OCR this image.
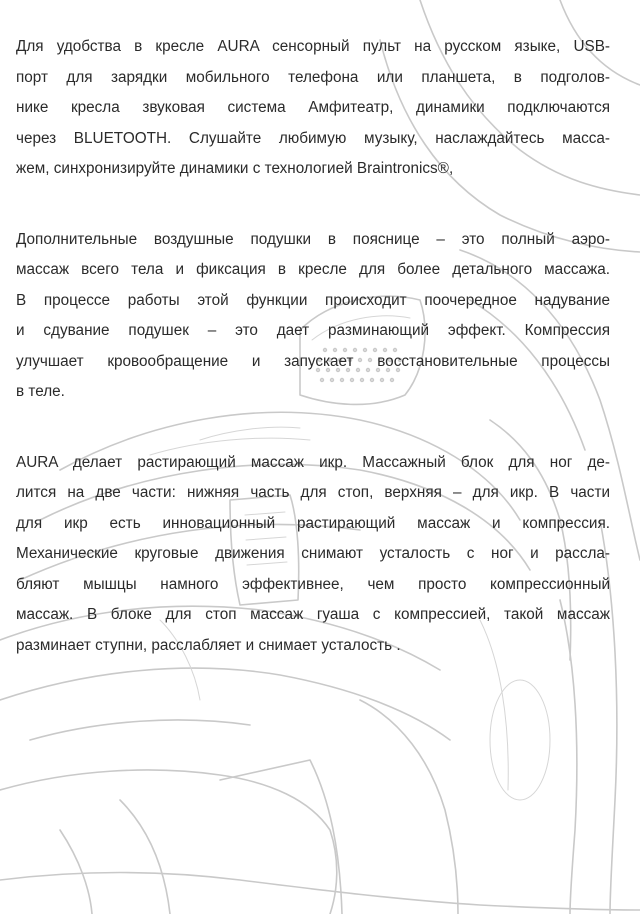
Для удобства в кресле AURA сенсорный пульт на русском языке, USB-
порт для зарядки мобильного телефона или планшета, в подголов-
нике кресла звуковая система Амфитеатр, динамики подключаются
через BLUETOOTH. Слушайте любимую музыку, наслаждайтесь масса-
жем, синхронизируйте динамики с технологией Braintronics®,
Дополнительные воздушные подушки в пояснице – это полный аэро-
массаж всего тела и фиксация в кресле для более детального массажа.
В процессе работы этой функции происходит поочередное надувание
и сдувание подушек – это дает разминающий эффект. Компрессия
улучшает кровообращение и запускает восстановительные процессы
в теле.
AURA делает растирающий массаж икр. Массажный блок для ног де-
лится на две части: нижняя часть для стоп, верхняя – для икр. В части
для икр есть инновационный растирающий массаж и компрессия.
Механические круговые движения снимают усталость с ног и рассла-
бляют мышцы намного эффективнее, чем просто компрессионный
массаж. В блоке для стоп массаж гуаша с компрессией, такой массаж
разминает ступни, расслабляет и снимает усталость .
